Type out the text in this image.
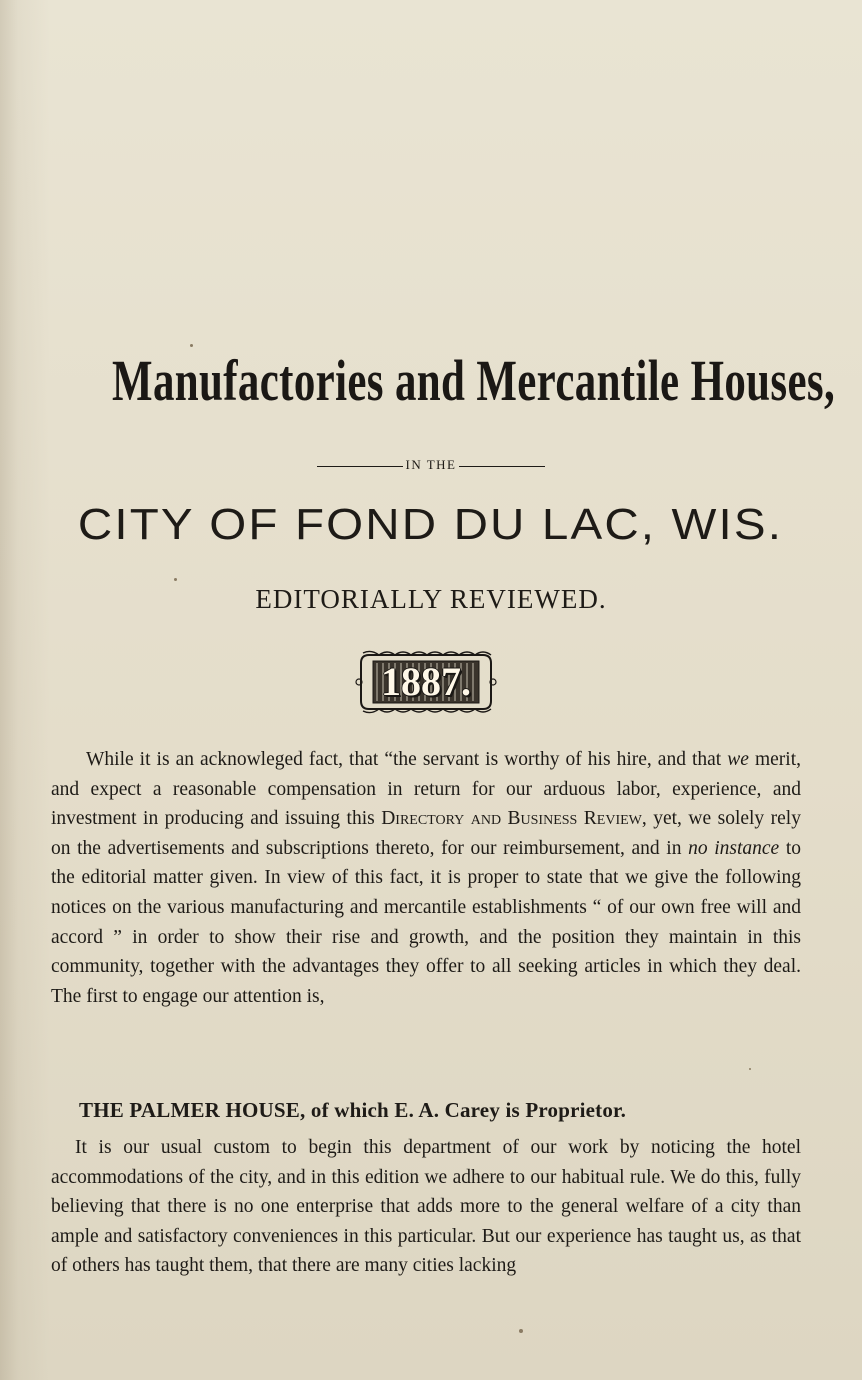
Manufactories and Mercantile Houses,
IN THE
CITY OF FOND DU LAC, WIS.
EDITORIALLY REVIEWED.
1887.

While it is an acknowleged fact, that “the servant is worthy of his hire, and that we merit, and expect a reasonable compensation in return for our arduous labor, experience, and investment in producing and issuing this Directory and Business Review, yet, we solely rely on the advertisements and subscriptions thereto, for our reimbursement, and in no instance to the editorial matter given. In view of this fact, it is proper to state that we give the following notices on the various manufacturing and mercantile establishments “ of our own free will and accord ” in order to show their rise and growth, and the position they maintain in this community, together with the advantages they offer to all seeking articles in which they deal. The first to engage our attention is,

THE PALMER HOUSE, of which E. A. Carey is Proprietor.

It is our usual custom to begin this department of our work by noticing the hotel accommodations of the city, and in this edition we adhere to our habitual rule. We do this, fully believing that there is no one enterprise that adds more to the general welfare of a city than ample and satisfactory conveniences in this particular. But our experience has taught us, as that of others has taught them, that there are many cities lacking
